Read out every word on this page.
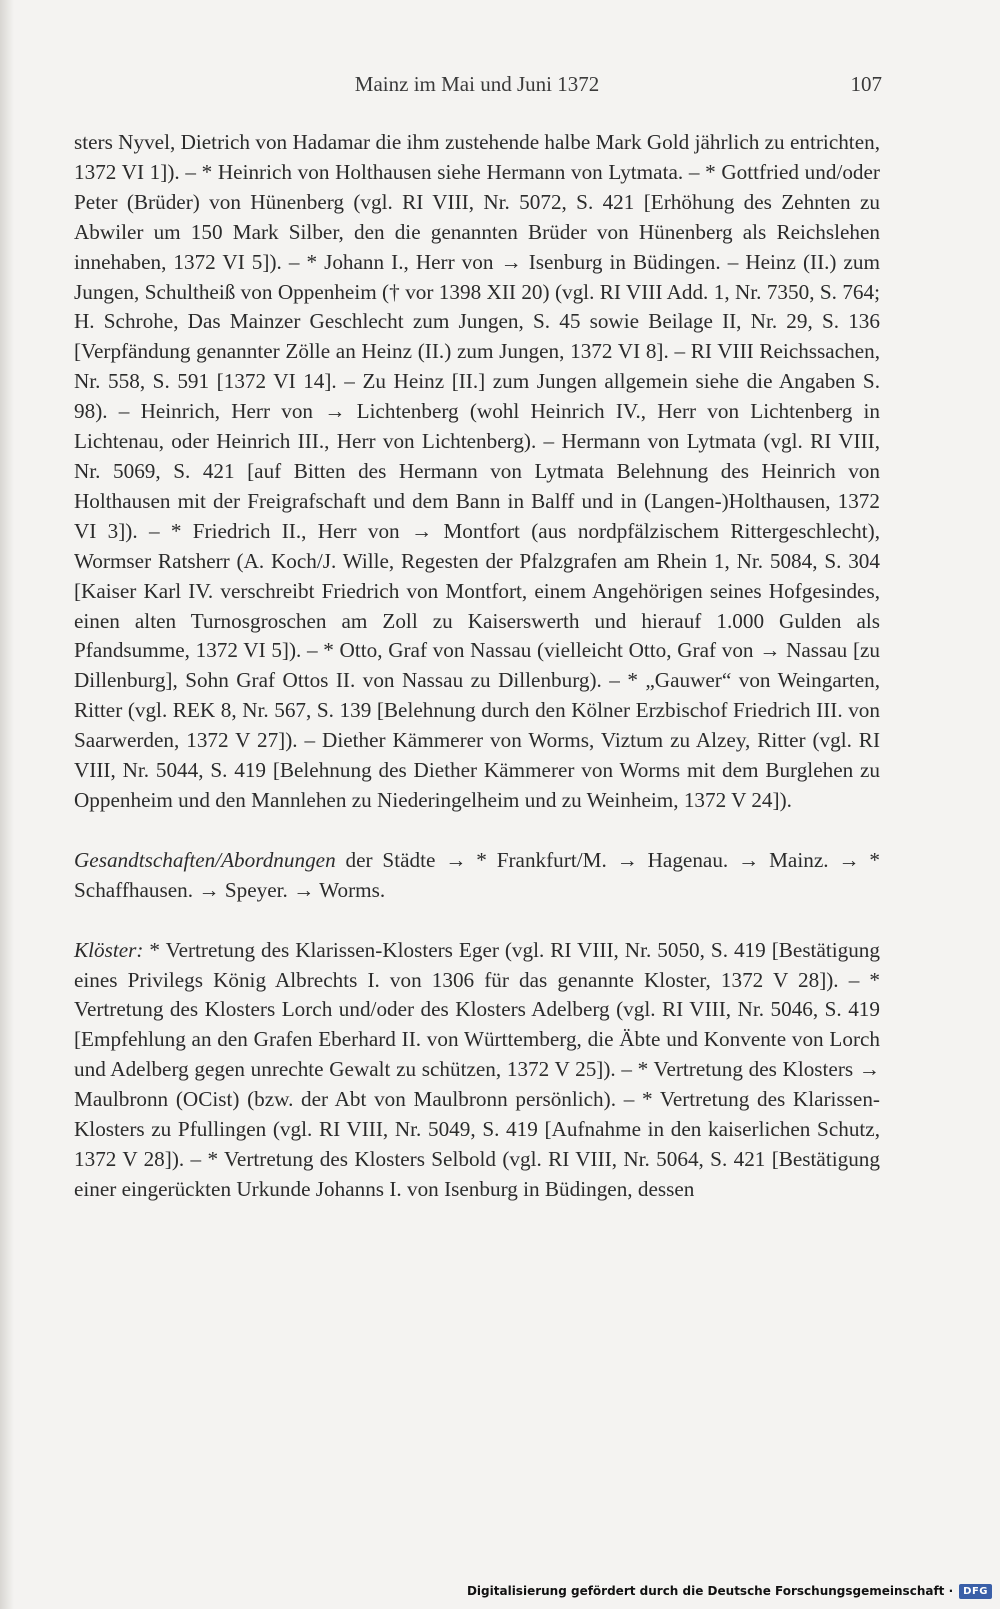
Mainz im Mai und Juni 1372	107

sters Nyvel, Dietrich von Hadamar die ihm zustehende halbe Mark Gold jährlich zu entrichten, 1372 VI 1]). – * Heinrich von Holthausen siehe Hermann von Lytmata. – * Gottfried und/oder Peter (Brüder) von Hünenberg (vgl. RI VIII, Nr. 5072, S. 421 [Erhöhung des Zehnten zu Abwiler um 150 Mark Silber, den die genannten Brüder von Hünenberg als Reichslehen innehaben, 1372 VI 5]). – * Johann I., Herr von → Isenburg in Büdingen. – Heinz (II.) zum Jungen, Schultheiß von Oppenheim († vor 1398 XII 20) (vgl. RI VIII Add. 1, Nr. 7350, S. 764; H. Schrohe, Das Mainzer Geschlecht zum Jungen, S. 45 sowie Beilage II, Nr. 29, S. 136 [Verpfändung genannter Zölle an Heinz (II.) zum Jungen, 1372 VI 8]. – RI VIII Reichssachen, Nr. 558, S. 591 [1372 VI 14]. – Zu Heinz [II.] zum Jungen allgemein siehe die Angaben S. 98). – Heinrich, Herr von → Lichtenberg (wohl Heinrich IV., Herr von Lichtenberg in Lichtenau, oder Heinrich III., Herr von Lichtenberg). – Hermann von Lytmata (vgl. RI VIII, Nr. 5069, S. 421 [auf Bitten des Hermann von Lytmata Belehnung des Heinrich von Holthausen mit der Freigrafschaft und dem Bann in Balff und in (Langen-)Holthausen, 1372 VI 3]). – * Friedrich II., Herr von → Montfort (aus nordpfälzischem Rittergeschlecht), Wormser Ratsherr (A. Koch/J. Wille, Regesten der Pfalzgrafen am Rhein 1, Nr. 5084, S. 304 [Kaiser Karl IV. verschreibt Friedrich von Montfort, einem Angehörigen seines Hofgesindes, einen alten Turnosgroschen am Zoll zu Kaiserswerth und hierauf 1.000 Gulden als Pfandsumme, 1372 VI 5]). – * Otto, Graf von Nassau (vielleicht Otto, Graf von → Nassau [zu Dillenburg], Sohn Graf Ottos II. von Nassau zu Dillenburg). – * „Gauwer“ von Weingarten, Ritter (vgl. REK 8, Nr. 567, S. 139 [Belehnung durch den Kölner Erzbischof Friedrich III. von Saarwerden, 1372 V 27]). – Diether Kämmerer von Worms, Viztum zu Alzey, Ritter (vgl. RI VIII, Nr. 5044, S. 419 [Belehnung des Diether Kämmerer von Worms mit dem Burglehen zu Oppenheim und den Mannlehen zu Niederingelheim und zu Weinheim, 1372 V 24]).

Gesandtschaften/Abordnungen der Städte → * Frankfurt/M. → Hagenau. → Mainz. → * Schaffhausen. → Speyer. → Worms.

Klöster: * Vertretung des Klarissen-Klosters Eger (vgl. RI VIII, Nr. 5050, S. 419 [Bestätigung eines Privilegs König Albrechts I. von 1306 für das genannte Kloster, 1372 V 28]). – * Vertretung des Klosters Lorch und/oder des Klosters Adelberg (vgl. RI VIII, Nr. 5046, S. 419 [Empfehlung an den Grafen Eberhard II. von Württemberg, die Äbte und Konvente von Lorch und Adelberg gegen unrechte Gewalt zu schützen, 1372 V 25]). – * Vertretung des Klosters → Maulbronn (OCist) (bzw. der Abt von Maulbronn persönlich). – * Vertretung des Klarissen-Klosters zu Pfullingen (vgl. RI VIII, Nr. 5049, S. 419 [Aufnahme in den kaiserlichen Schutz, 1372 V 28]). – * Vertretung des Klosters Selbold (vgl. RI VIII, Nr. 5064, S. 421 [Bestätigung einer eingerückten Urkunde Johanns I. von Isenburg in Büdingen, dessen

Digitalisierung gefördert durch die Deutsche Forschungsgemeinschaft ·	DFG
